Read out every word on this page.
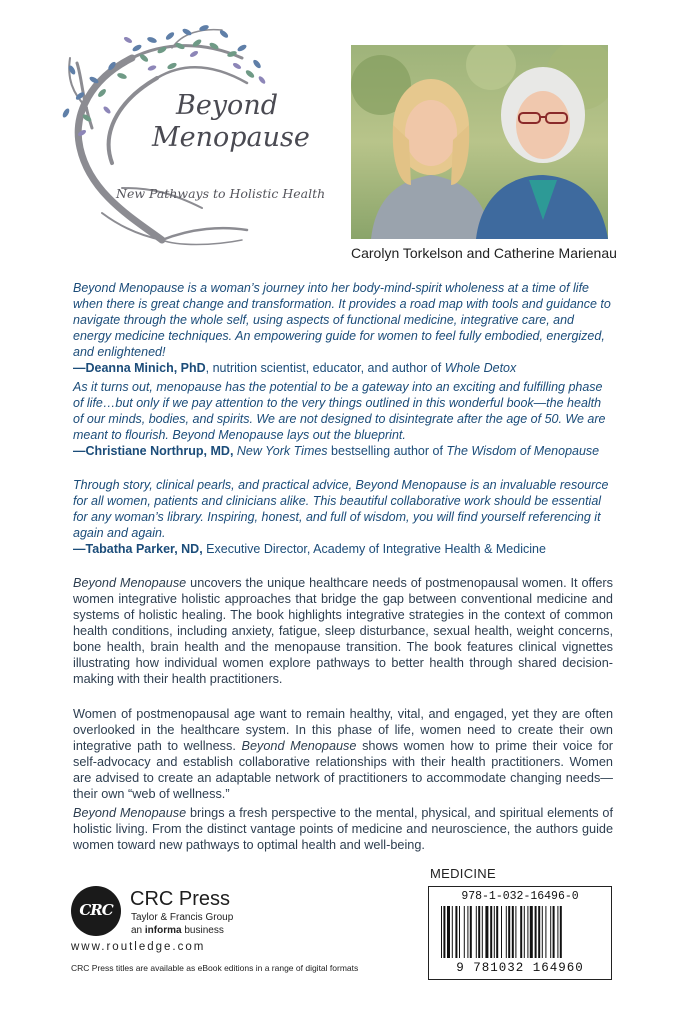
Beyond
Menopause
New Pathways to Holistic Health
Carolyn Torkelson and Catherine Marienau
Beyond Menopause is a woman’s journey into her body-mind-spirit wholeness at a time of life when there is great change and transformation. It provides a road map with tools and guidance to navigate through the whole self, using aspects of functional medicine, integrative care, and energy medicine techniques. An empowering guide for women to feel fully embodied, energized, and enlightened!
—Deanna Minich, PhD, nutrition scientist, educator, and author of Whole Detox
As it turns out, menopause has the potential to be a gateway into an exciting and fulfilling phase of life…but only if we pay attention to the very things outlined in this wonderful book—the health of our minds, bodies, and spirits. We are not designed to disintegrate after the age of 50. We are meant to flourish. Beyond Menopause lays out the blueprint.
—Christiane Northrup, MD, New York Times bestselling author of The Wisdom of Menopause
Through story, clinical pearls, and practical advice, Beyond Menopause is an invaluable resource for all women, patients and clinicians alike. This beautiful collaborative work should be essential for any woman’s library. Inspiring, honest, and full of wisdom, you will find yourself referencing it again and again.
—Tabatha Parker, ND, Executive Director, Academy of Integrative Health & Medicine
Beyond Menopause uncovers the unique healthcare needs of postmenopausal women. It offers women integrative holistic approaches that bridge the gap between conventional medicine and systems of holistic healing. The book highlights integrative strategies in the context of common health conditions, including anxiety, fatigue, sleep disturbance, sexual health, weight concerns, bone health, brain health and the menopause transition. The book features clinical vignettes illustrating how individual women explore pathways to better health through shared decision-making with their health practitioners.
Women of postmenopausal age want to remain healthy, vital, and engaged, yet they are often overlooked in the healthcare system. In this phase of life, women need to create their own integrative path to wellness. Beyond Menopause shows women how to prime their voice for self-advocacy and establish collaborative relationships with their health practitioners. Women are advised to create an adaptable network of practitioners to accommodate changing needs—their own “web of wellness.”
Beyond Menopause brings a fresh perspective to the mental, physical, and spiritual elements of holistic living. From the distinct vantage points of medicine and neuroscience, the authors guide women toward new pathways to optimal health and well-being.
MEDICINE
978-1-032-16496-0
9 781032 164960
CRC CRC Press
Taylor & Francis Group
an informa business
www.routledge.com
CRC Press titles are available as eBook editions in a range of digital formats
